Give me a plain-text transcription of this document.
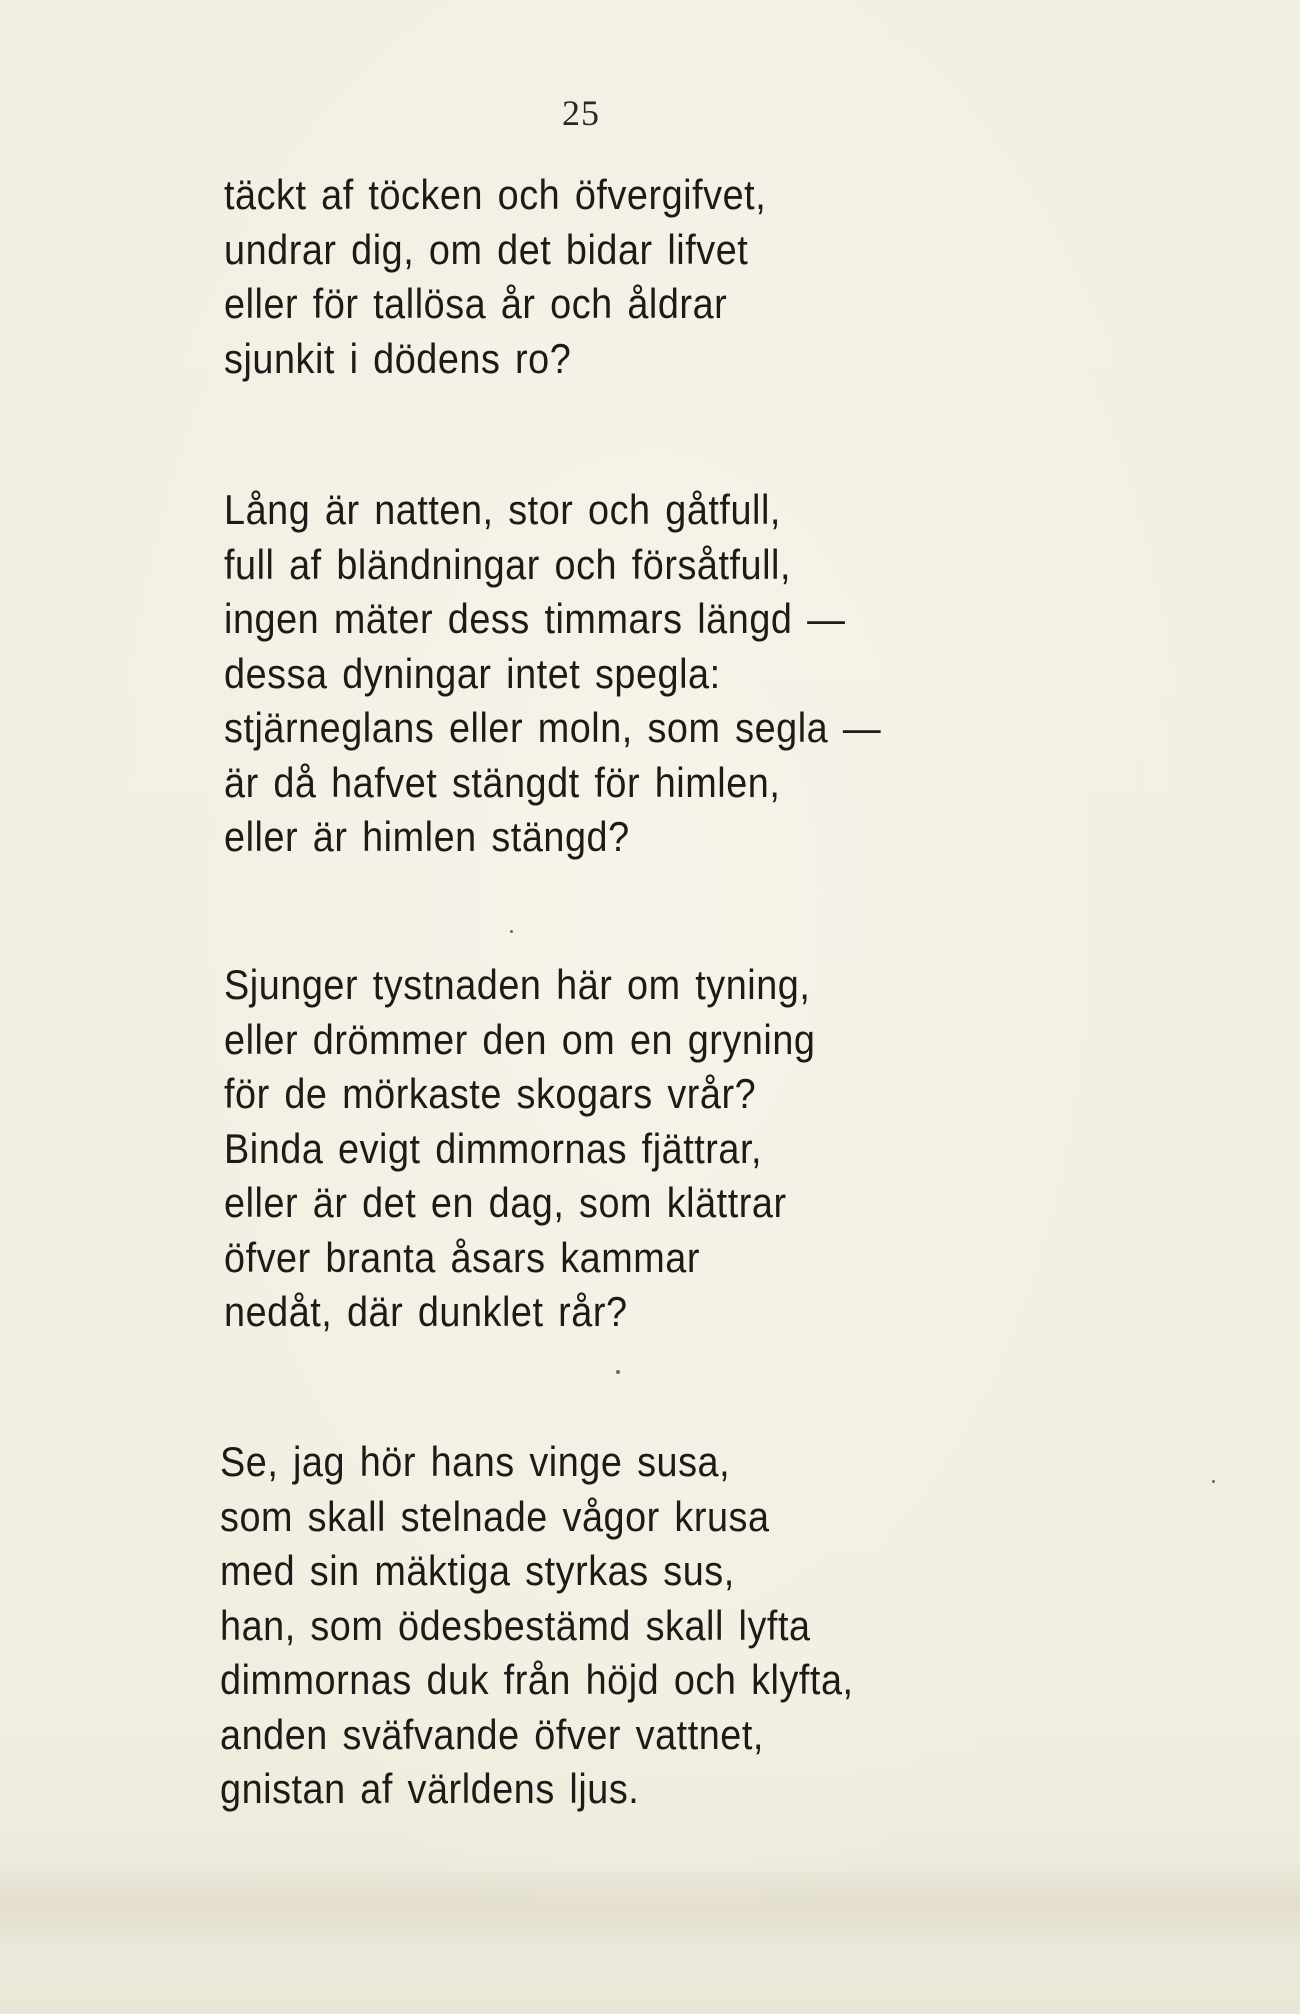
25
täckt af töcken och öfvergifvet,
undrar dig, om det bidar lifvet
eller för tallösa år och åldrar
sjunkit i dödens ro?
Lång är natten, stor och gåtfull,
full af bländningar och försåtfull,
ingen mäter dess timmars längd —
dessa dyningar intet spegla:
stjärneglans eller moln, som segla —
är då hafvet stängdt för himlen,
eller är himlen stängd?
Sjunger tystnaden här om tyning,
eller drömmer den om en gryning
för de mörkaste skogars vrår?
Binda evigt dimmornas fjättrar,
eller är det en dag, som klättrar
öfver branta åsars kammar
nedåt, där dunklet rår?
Se, jag hör hans vinge susa,
som skall stelnade vågor krusa
med sin mäktiga styrkas sus,
han, som ödesbestämd skall lyfta
dimmornas duk från höjd och klyfta,
anden sväfvande öfver vattnet,
gnistan af världens ljus.
